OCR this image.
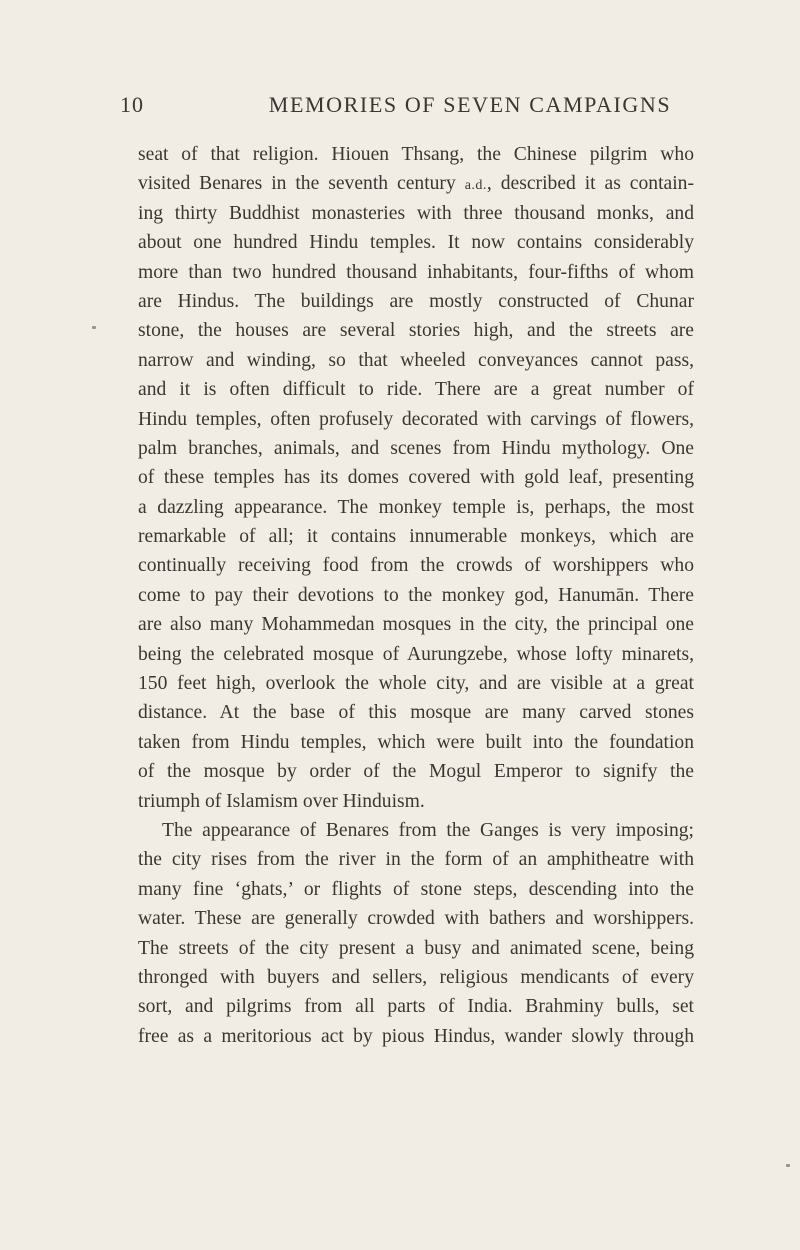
10	MEMORIES OF SEVEN CAMPAIGNS
seat of that religion. Hiouen Thsang, the Chinese pilgrim who
visited Benares in the seventh century a.d., described it as contain-
ing thirty Buddhist monasteries with three thousand monks, and
about one hundred Hindu temples. It now contains considerably
more than two hundred thousand inhabitants, four-fifths of whom
are Hindus. The buildings are mostly constructed of Chunar
stone, the houses are several stories high, and the streets are
narrow and winding, so that wheeled conveyances cannot pass,
and it is often difficult to ride. There are a great number of
Hindu temples, often profusely decorated with carvings of flowers,
palm branches, animals, and scenes from Hindu mythology. One
of these temples has its domes covered with gold leaf, presenting
a dazzling appearance. The monkey temple is, perhaps, the most
remarkable of all; it contains innumerable monkeys, which are
continually receiving food from the crowds of worshippers who
come to pay their devotions to the monkey god, Hanumān. There
are also many Mohammedan mosques in the city, the principal one
being the celebrated mosque of Aurungzebe, whose lofty minarets,
150 feet high, overlook the whole city, and are visible at a great
distance. At the base of this mosque are many carved stones
taken from Hindu temples, which were built into the foundation
of the mosque by order of the Mogul Emperor to signify the
triumph of Islamism over Hinduism.
The appearance of Benares from the Ganges is very imposing;
the city rises from the river in the form of an amphitheatre with
many fine ‘ghats,’ or flights of stone steps, descending into the
water. These are generally crowded with bathers and worshippers.
The streets of the city present a busy and animated scene, being
thronged with buyers and sellers, religious mendicants of every
sort, and pilgrims from all parts of India. Brahminy bulls, set
free as a meritorious act by pious Hindus, wander slowly through
